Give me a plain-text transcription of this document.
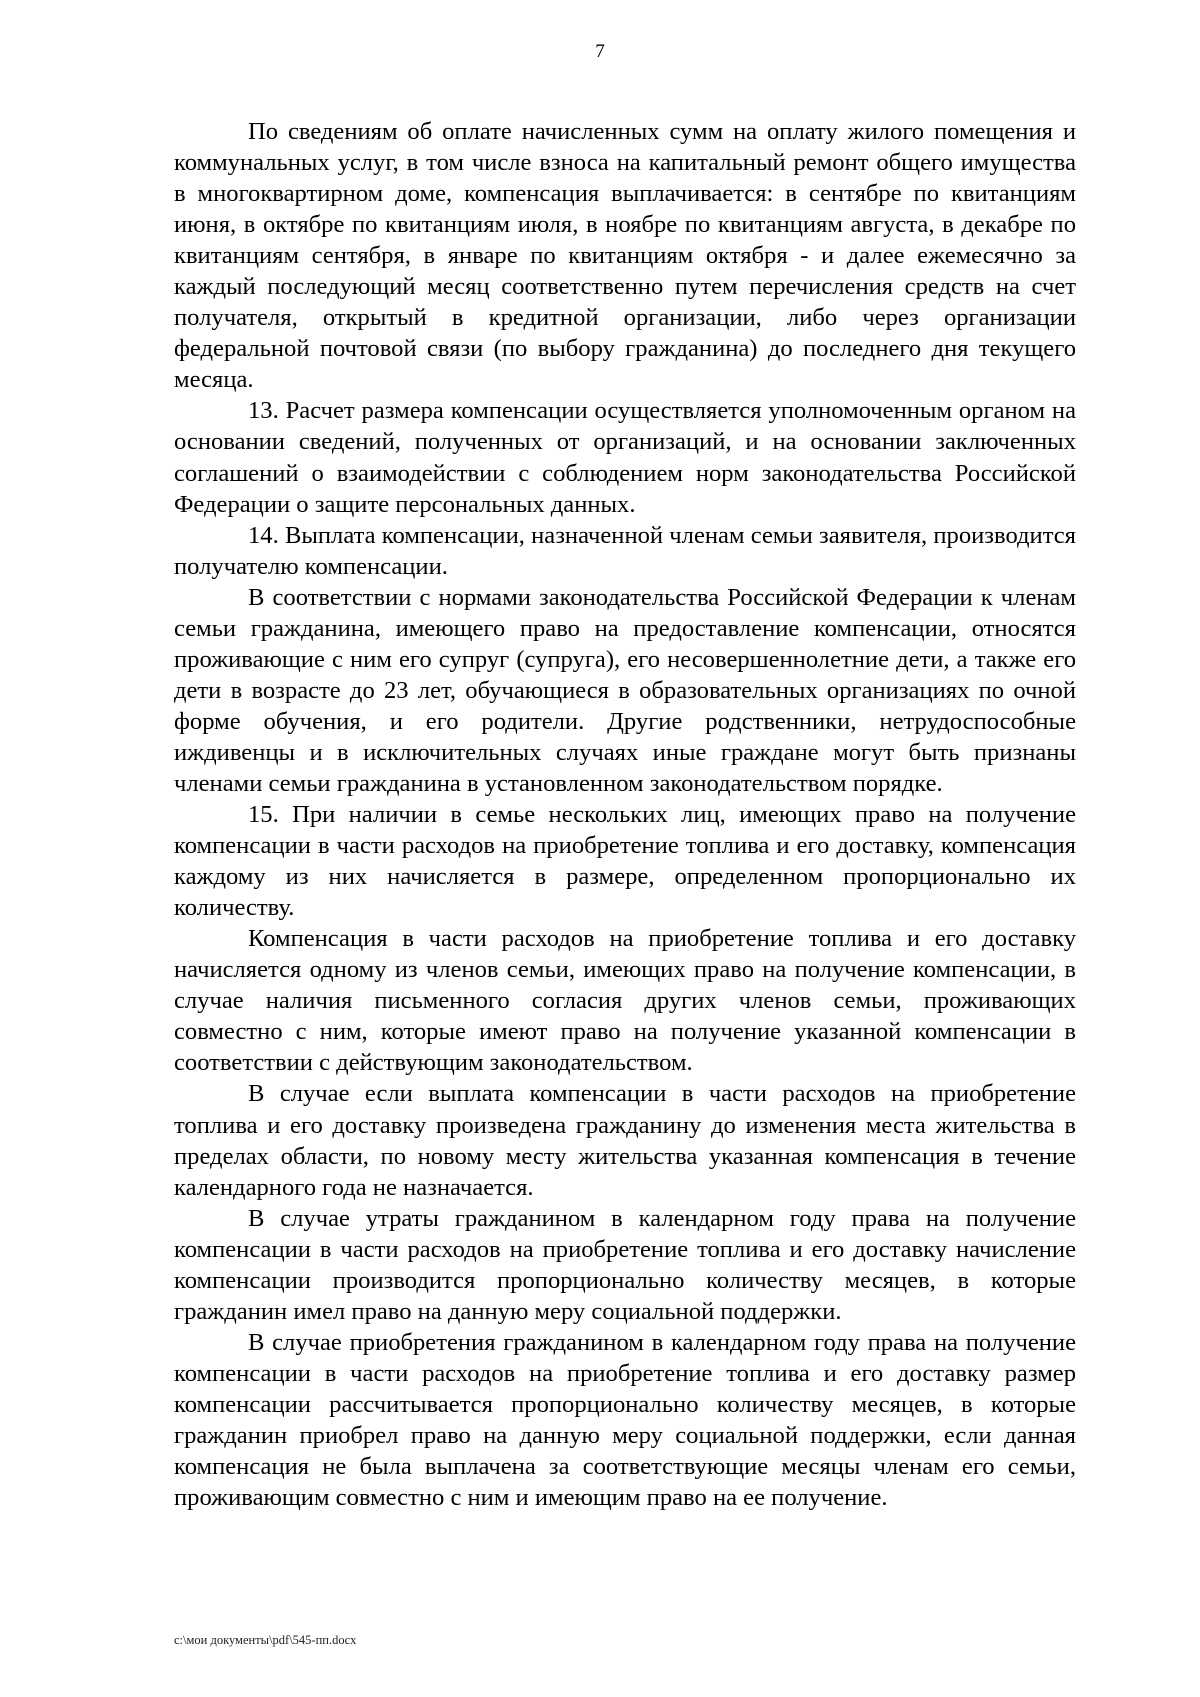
7

По сведениям об оплате начисленных сумм на оплату жилого помещения и коммунальных услуг, в том числе взноса на капитальный ремонт общего имущества в многоквартирном доме, компенсация выплачивается: в сентябре по квитанциям июня, в октябре по квитанциям июля, в ноябре по квитанциям августа, в декабре по квитанциям сентября, в январе по квитанциям октября - и далее ежемесячно за каждый последующий месяц соответственно путем перечисления средств на счет получателя, открытый в кредитной организации, либо через организации федеральной почтовой связи (по выбору гражданина) до последнего дня текущего месяца.

13. Расчет размера компенсации осуществляется уполномоченным органом на основании сведений, полученных от организаций, и на основании заключенных соглашений о взаимодействии с соблюдением норм законодательства Российской Федерации о защите персональных данных.

14. Выплата компенсации, назначенной членам семьи заявителя, производится получателю компенсации.

В соответствии с нормами законодательства Российской Федерации к членам семьи гражданина, имеющего право на предоставление компенсации, относятся проживающие с ним его супруг (супруга), его несовершеннолетние дети, а также его дети в возрасте до 23 лет, обучающиеся в образовательных организациях по очной форме обучения, и его родители. Другие родственники, нетрудоспособные иждивенцы и в исключительных случаях иные граждане могут быть признаны членами семьи гражданина в установленном законодательством порядке.

15. При наличии в семье нескольких лиц, имеющих право на получение компенсации в части расходов на приобретение топлива и его доставку, компенсация каждому из них начисляется в размере, определенном пропорционально их количеству.

Компенсация в части расходов на приобретение топлива и его доставку начисляется одному из членов семьи, имеющих право на получение компенсации, в случае наличия письменного согласия других членов семьи, проживающих совместно с ним, которые имеют право на получение указанной компенсации в соответствии с действующим законодательством.

В случае если выплата компенсации в части расходов на приобретение топлива и его доставку произведена гражданину до изменения места жительства в пределах области, по новому месту жительства указанная компенсация в течение календарного года не назначается.

В случае утраты гражданином в календарном году права на получение компенсации в части расходов на приобретение топлива и его доставку начисление компенсации производится пропорционально количеству месяцев, в которые гражданин имел право на данную меру социальной поддержки.

В случае приобретения гражданином в календарном году права на получение компенсации в части расходов на приобретение топлива и его доставку размер компенсации рассчитывается пропорционально количеству месяцев, в которые гражданин приобрел право на данную меру социальной поддержки, если данная компенсация не была выплачена за соответствующие месяцы членам его семьи, проживающим совместно с ним и имеющим право на ее получение.

c:\мои документы\pdf\545-пп.docx
